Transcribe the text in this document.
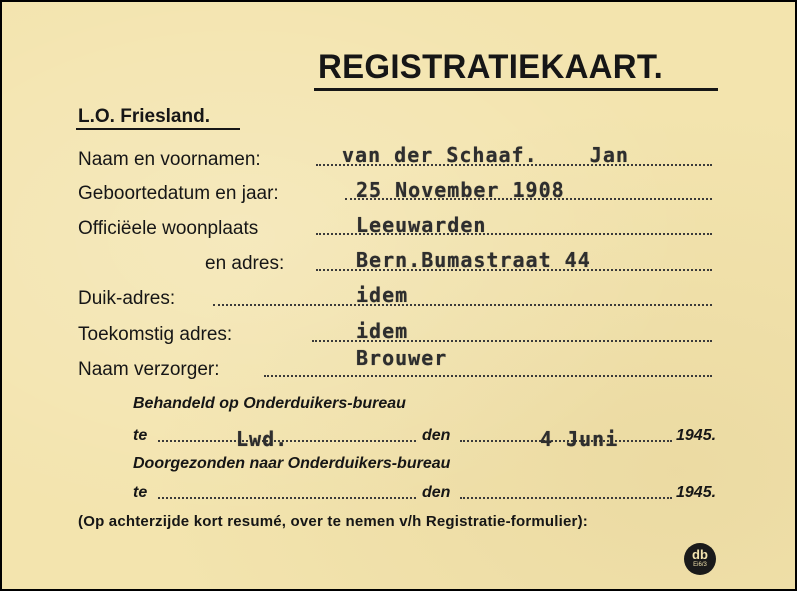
REGISTRATIEKAART.
L.O. Friesland.
Naam en voornamen:	van der Schaaf.    Jan
Geboortedatum en jaar:	25 November 1908
Officiëele woonplaats	Leeuwarden
en adres:	Bern.Bumastraat 44
Duik-adres:	idem
Toekomstig adres:	idem
Naam verzorger:	Brouwer
Behandeld op Onderduikers-bureau
te	Lwd.	den	4 Juni	1945.
Doorgezonden naar Onderduikers-bureau
te	den	1945.
(Op achterzijde kort resumé, over te nemen v/h Registratie-formulier):
db
Ei6/3
